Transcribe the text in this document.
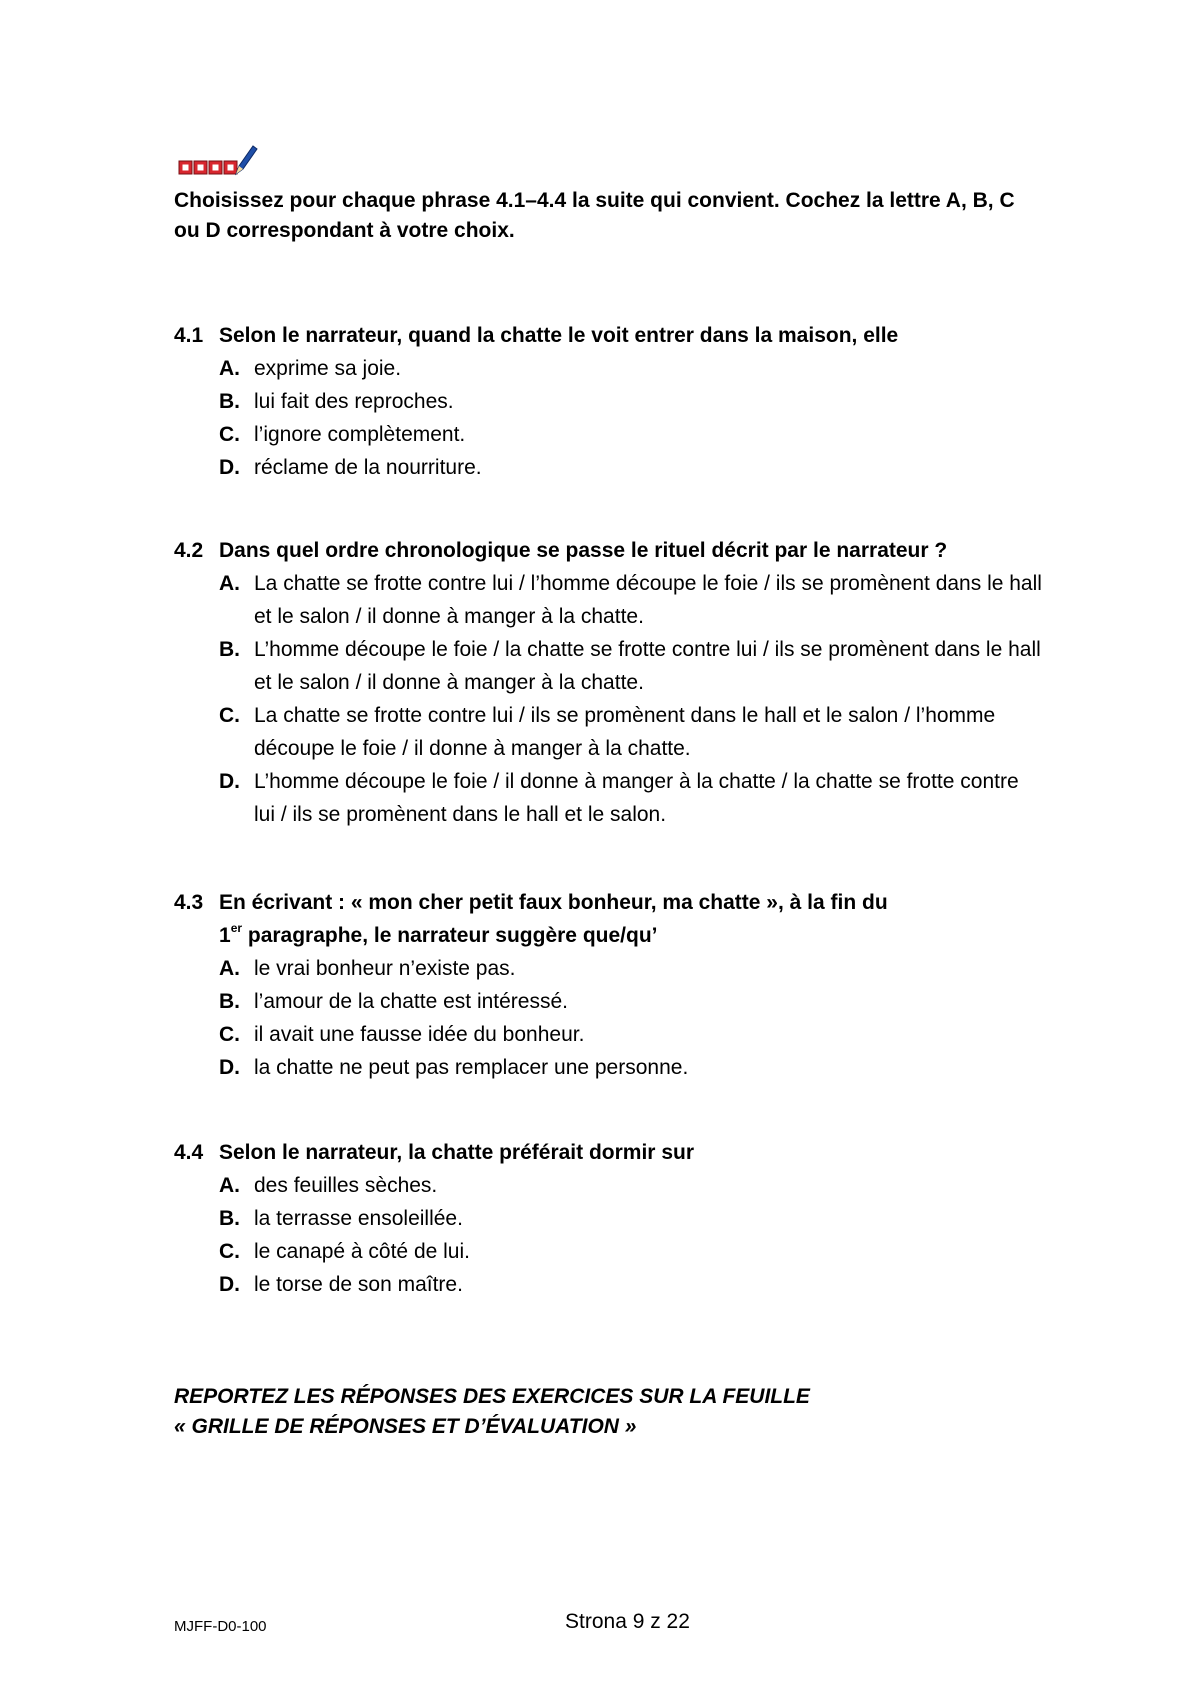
Choisissez pour chaque phrase 4.1–4.4 la suite qui convient. Cochez la lettre A, B, C

ou D correspondant à votre choix.

4.1 Selon le narrateur, quand la chatte le voit entrer dans la maison, elle
A. exprime sa joie.
B. lui fait des reproches.
C. l’ignore complètement.
D. réclame de la nourriture.
4.2 Dans quel ordre chronologique se passe le rituel décrit par le narrateur ?
A. La chatte se frotte contre lui / l’homme découpe le foie / ils se promènent dans le hall
et le salon / il donne à manger à la chatte.
B. L’homme découpe le foie / la chatte se frotte contre lui / ils se promènent dans le hall
et le salon / il donne à manger à la chatte.
C. La chatte se frotte contre lui / ils se promènent dans le hall et le salon / l’homme
découpe le foie / il donne à manger à la chatte.
D. L’homme découpe le foie / il donne à manger à la chatte / la chatte se frotte contre
lui / ils se promènent dans le hall et le salon.
4.3 En écrivant : « mon cher petit faux bonheur, ma chatte », à la fin du
1er paragraphe, le narrateur suggère que/qu’
A. le vrai bonheur n’existe pas.
B. l’amour de la chatte est intéressé.
C. il avait une fausse idée du bonheur.
D. la chatte ne peut pas remplacer une personne.
4.4 Selon le narrateur, la chatte préférait dormir sur
A. des feuilles sèches.
B. la terrasse ensoleillée.
C. le canapé à côté de lui.
D. le torse de son maître.

REPORTEZ LES RÉPONSES DES EXERCICES SUR LA FEUILLE

« GRILLE DE RÉPONSES ET D’ÉVALUATION »

MJFF-D0-100	Strona 9 z 22
